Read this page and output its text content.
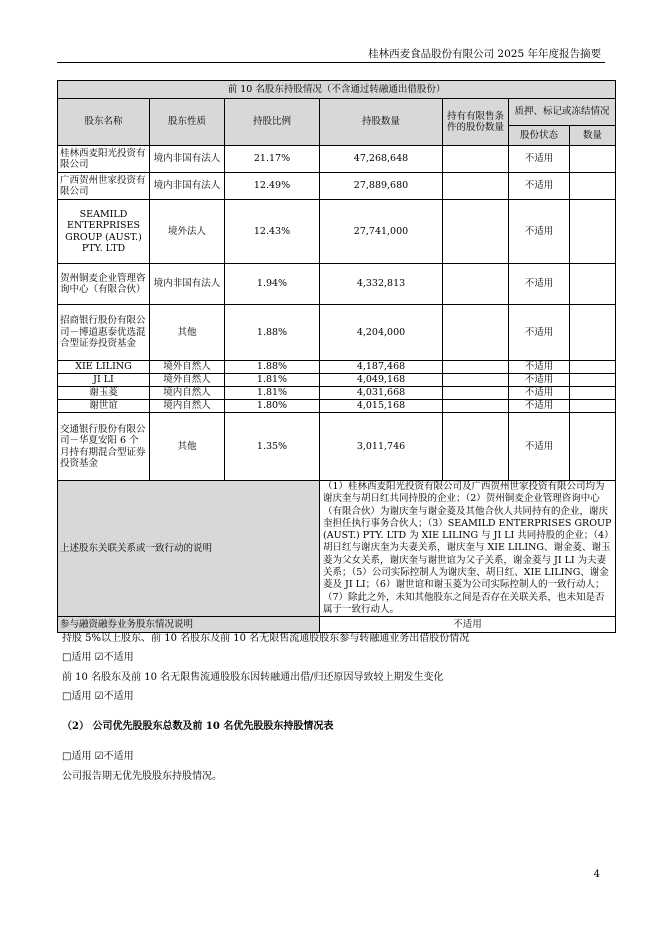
桂林西麦食品股份有限公司 2025 年年度报告摘要
前 10 名股东持股情况（不含通过转融通出借股份）						
股东名称	股东性质	持股比例	持股数量	持有有限售条件的股份数量	质押、标记或冻结情况	
					股份状态	数量
桂林西麦阳光投资有限公司	境内非国有法人	21.17%	47,268,648		不适用	
广西贺州世家投资有限公司	境内非国有法人	12.49%	27,889,680		不适用	
SEAMILD ENTERPRISES GROUP (AUST.) PTY. LTD	境外法人	12.43%	27,741,000		不适用	
贺州铜麦企业管理咨询中心（有限合伙）	境内非国有法人	1.94%	4,332,813		不适用	
招商银行股份有限公司－博道惠泰优选混合型证券投资基金	其他	1.88%	4,204,000		不适用	
XIE LILING	境外自然人	1.88%	4,187,468		不适用	
JI LI	境外自然人	1.81%	4,049,168		不适用	
谢玉菱	境内自然人	1.81%	4,031,668		不适用	
谢世谊	境内自然人	1.80%	4,015,168		不适用	
交通银行股份有限公司－华夏安阳 6 个月持有期混合型证券投资基金	其他	1.35%	3,011,746		不适用	
上述股东关联关系或一致行动的说明			（1）桂林西麦阳光投资有限公司及广西贺州世家投资有限公司均为谢庆奎与胡日红共同持股的企业；（2）贺州铜麦企业管理咨询中心（有限合伙）为谢庆奎与谢金菱及其他合伙人共同持有的企业，谢庆奎担任执行事务合伙人；（3）SEAMILD ENTERPRISES GROUP (AUST.) PTY. LTD 为 XIE LILING 与 JI LI 共同持股的企业；（4）胡日红与谢庆奎为夫妻关系，谢庆奎与 XIE LILING、谢金菱、谢玉菱为父女关系，谢庆奎与谢世谊为父子关系，谢金菱与 JI LI 为夫妻关系；（5）公司实际控制人为谢庆奎、胡日红、XIE LILING、谢金菱及 JI LI；（6）谢世谊和谢玉菱为公司实际控制人的一致行动人；（7）除此之外，未知其他股东之间是否存在关联关系，也未知是否属于一致行动人。			
参与融资融券业务股东情况说明			不适用			
持股 5%以上股东、前 10 名股东及前 10 名无限售流通股股东参与转融通业务出借股份情况
□适用 ☑不适用
前 10 名股东及前 10 名无限售流通股股东因转融通出借/归还原因导致较上期发生变化
□适用 ☑不适用
（2） 公司优先股股东总数及前 10 名优先股股东持股情况表
□适用 ☑不适用
公司报告期无优先股股东持股情况。
4
